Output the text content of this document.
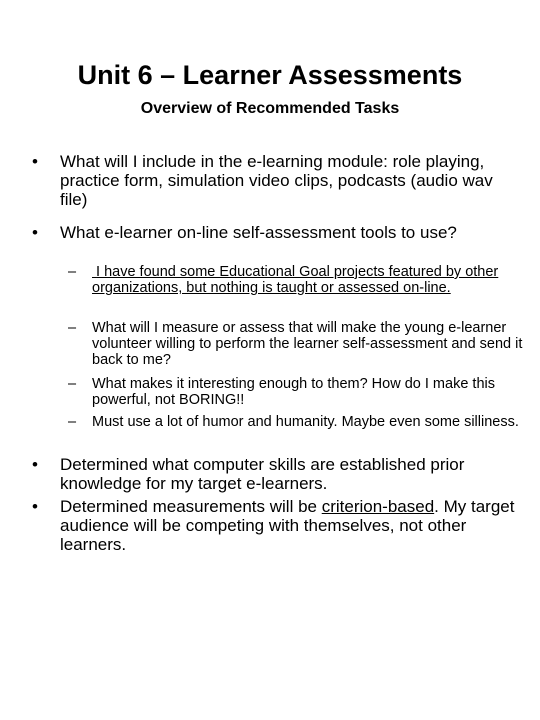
Unit 6 – Learner Assessments
Overview of Recommended Tasks
•	What will I include in the e-learning module: role playing, practice form, simulation video clips, podcasts (audio wav file)
•	What e-learner on-line self-assessment tools to use?
–	I have found some Educational Goal projects featured by other organizations, but nothing is taught or assessed on-line.
–	What will I measure or assess that will make the young e-learner volunteer willing to perform the learner self-assessment and send it back to me?
–	What makes it interesting enough to them? How do I make this powerful, not BORING!!
–	Must use a lot of humor and humanity. Maybe even some silliness.
•	Determined what computer skills are established prior knowledge for my target e-learners.
•	Determined measurements will be criterion-based. My target audience will be competing with themselves, not other learners.
